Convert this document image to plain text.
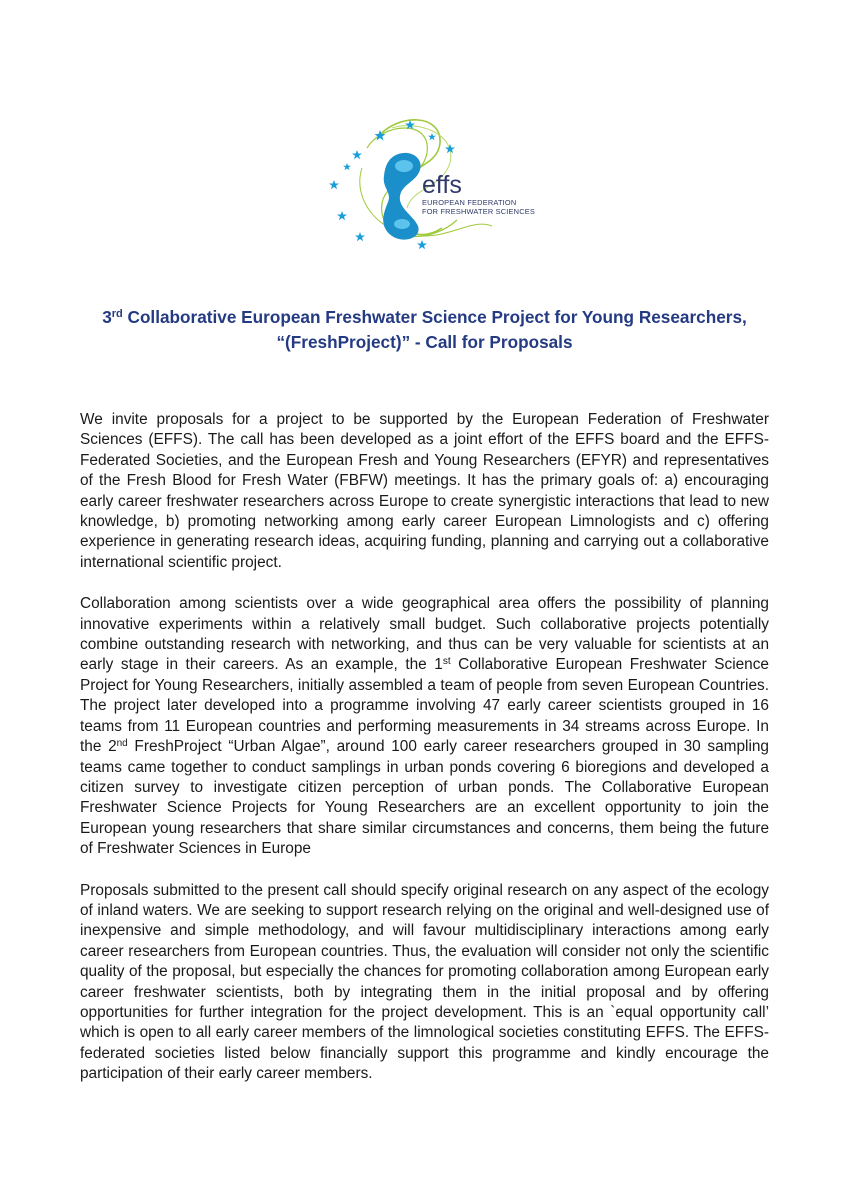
effs
EUROPEAN FEDERATION
FOR FRESHWATER SCIENCES
3rd Collaborative European Freshwater Science Project for Young Researchers,
“(FreshProject)” - Call for Proposals

We invite proposals for a project to be supported by the European Federation of Freshwater Sciences (EFFS). The call has been developed as a joint effort of the EFFS board and the EFFS-Federated Societies, and the European Fresh and Young Researchers (EFYR) and representatives of the Fresh Blood for Fresh Water (FBFW) meetings. It has the primary goals of: a) encouraging early career freshwater researchers across Europe to create synergistic interactions that lead to new knowledge, b) promoting networking among early career European Limnologists and c) offering experience in generating research ideas, acquiring funding, planning and carrying out a collaborative international scientific project.

Collaboration among scientists over a wide geographical area offers the possibility of planning innovative experiments within a relatively small budget. Such collaborative projects potentially combine outstanding research with networking, and thus can be very valuable for scientists at an early stage in their careers. As an example, the 1st Collaborative European Freshwater Science Project for Young Researchers, initially assembled a team of people from seven European Countries. The project later developed into a programme involving 47 early career scientists grouped in 16 teams from 11 European countries and performing measurements in 34 streams across Europe. In the 2nd FreshProject “Urban Algae”, around 100 early career researchers grouped in 30 sampling teams came together to conduct samplings in urban ponds covering 6 bioregions and developed a citizen survey to investigate citizen perception of urban ponds. The Collaborative European Freshwater Science Projects for Young Researchers are an excellent opportunity to join the European young researchers that share similar circumstances and concerns, them being the future of Freshwater Sciences in Europe

Proposals submitted to the present call should specify original research on any aspect of the ecology of inland waters. We are seeking to support research relying on the original and well-designed use of inexpensive and simple methodology, and will favour multidisciplinary interactions among early career researchers from European countries. Thus, the evaluation will consider not only the scientific quality of the proposal, but especially the chances for promoting collaboration among European early career freshwater scientists, both by integrating them in the initial proposal and by offering opportunities for further integration for the project development. This is an `equal opportunity call’ which is open to all early career members of the limnological societies constituting EFFS. The EFFS-federated societies listed below financially support this programme and kindly encourage the participation of their early career members.
